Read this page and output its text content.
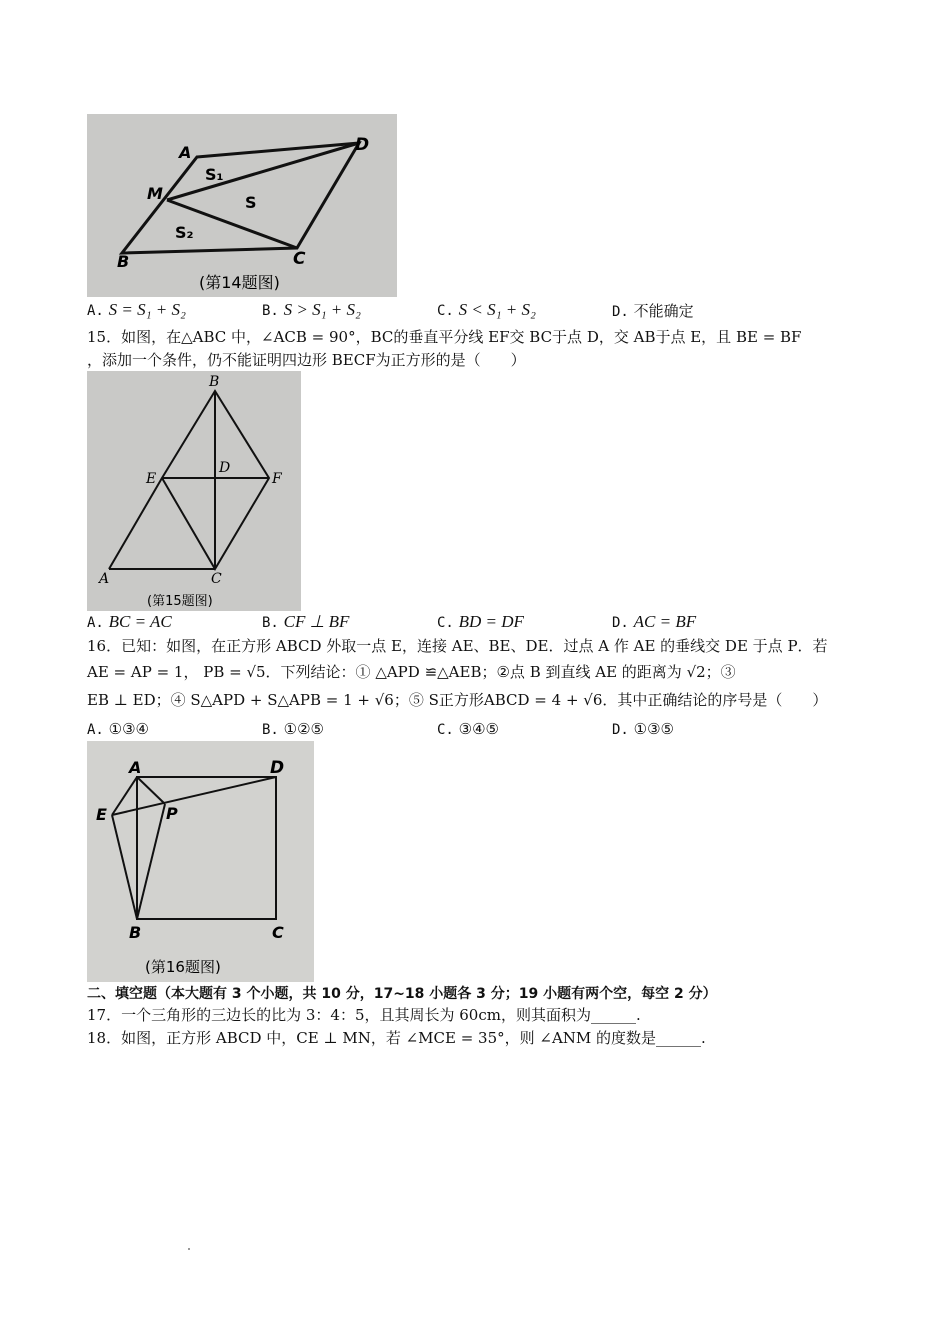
A	D
M
B	C
S₁
S
S₂
(第14题图)
A. S = S₁ + S₂	B. S > S₁ + S₂	C. S < S₁ + S₂	D. 不能确定
15．如图，在△ABC 中，∠ACB = 90°，BC的垂直平分线 EF交 BC于点 D，交 AB于点 E，且 BE = BF
，添加一个条件，仍不能证明四边形 BECF为正方形的是（　　）
B
E
D
F
A	C
(第15题图)
A. BC = AC	B. CF ⊥ BF	C. BD = DF	D. AC = BF
16．已知：如图，在正方形 ABCD 外取一点 E，连接 AE、BE、DE．过点 A 作 AE 的垂线交 DE 于点 P．若
AE = AP = 1， PB = √5．下列结论：① △APD ≌△AEB；②点 B 到直线 AE 的距离为 √2；③
EB ⊥ ED；④ S△APD + S△APB = 1 + √6；⑤ S正方形ABCD = 4 + √6．其中正确结论的序号是（　　）
A. ①③④	B. ①②⑤	C. ③④⑤	D. ①③⑤
A	D
E	P
B	C
(第16题图)
二、填空题（本大题有 3 个小题，共 10 分，17~18 小题各 3 分；19 小题有两个空，每空 2 分）
17．一个三角形的三边长的比为 3：4：5，且其周长为 60cm，则其面积为______.
18．如图，正方形 ABCD 中，CE ⊥ MN，若 ∠MCE = 35°，则 ∠ANM 的度数是______.
